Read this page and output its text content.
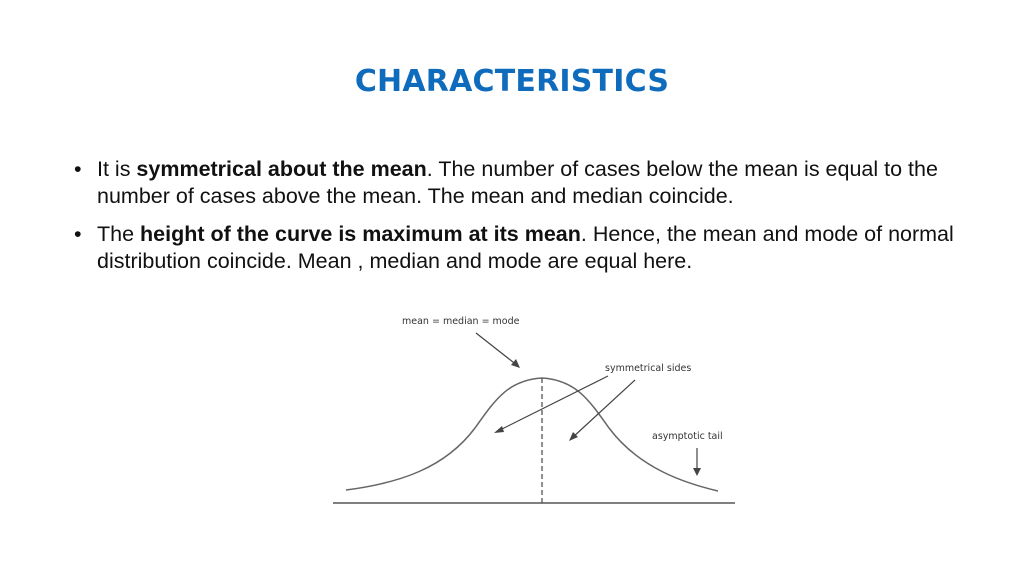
CHARACTERISTICS
• It is symmetrical about the mean. The number of cases below the mean is equal to the number of cases above the mean. The mean and median coincide.
• The height of the curve is maximum at its mean. Hence, the mean and mode of normal distribution coincide. Mean , median and mode are equal here.
mean = median = mode
symmetrical sides
asymptotic tail
